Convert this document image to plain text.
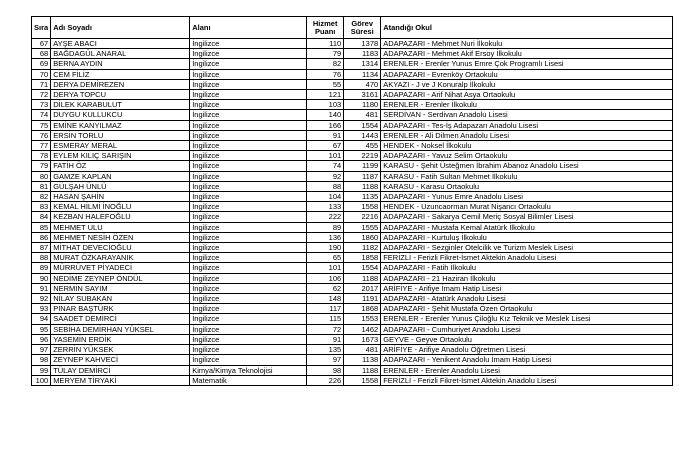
Sıra	Adı Soyadı	Alanı	Hizmet Puanı	Görev Süresi	Atandığı Okul
67	AYŞE ABACI	İngilizce	110	1378	ADAPAZARI - Mehmet Nuri İlkokulu
68	BAĞDAGÜL ANARAL	İngilizce	79	1183	ADAPAZARI - Mehmet Akif Ersoy İlkokulu
69	BERNA AYDIN	İngilizce	82	1314	ERENLER - Erenler Yunus Emre Çok Programlı Lisesi
70	CEM FİLİZ	İngilizce	76	1134	ADAPAZARI - Evrenköy Ortaokulu
71	DERYA DEMİREZEN	İngilizce	55	470	AKYAZI - J ve J Konuralp İlkokulu
72	DERYA TOPCU	İngilizce	121	3161	ADAPAZARI - Arif Nihat Asya Ortaokulu
73	DİLEK KARABULUT	İngilizce	103	1180	ERENLER - Erenler İlkokulu
74	DUYGU KULLUKCU	İngilizce	140	481	SERDİVAN - Serdivan Anadolu Lisesi
75	EMİNE KANYILMAZ	İngilizce	166	1554	ADAPAZARI - Tes-İş Adapazarı Anadolu Lisesi
76	ERSİN TORLU	İngilizce	91	1443	ERENLER - Ali Dilmen Anadolu Lisesi
77	ESMERAY MERAL	İngilizce	67	455	HENDEK - Noksel İlkokulu
78	EYLEM KILIÇ SARIŞIN	İngilizce	101	2219	ADAPAZARI - Yavuz Selim Ortaokulu
79	FATİH ÖZ	İngilizce	74	1199	KARASU - Şehit Üsteğmen İbrahim Abanoz Anadolu Lisesi
80	GAMZE KAPLAN	İngilizce	92	1187	KARASU - Fatih Sultan Mehmet İlkokulu
81	GÜLŞAH ÜNLÜ	İngilizce	88	1188	KARASU - Karasu Ortaokulu
82	HASAN ŞAHİN	İngilizce	104	1135	ADAPAZARI - Yunus Emre Anadolu Lisesi
83	KEMAL HİLMİ İNOĞLU	İngilizce	133	1558	HENDEK - Uzuncaorman Murat Nişancı Ortaokulu
84	KEZBAN HALEFOĞLU	İngilizce	222	2216	ADAPAZARI - Sakarya Cemil Meriç Sosyal Bilimler Lisesi
85	MEHMET ULU	İngilizce	89	1555	ADAPAZARI - Mustafa Kemal Atatürk İlkokulu
86	MEHMET NESİH ÖZEN	İngilizce	136	1860	ADAPAZARI - Kurtuluş İlkokulu
87	MİTHAT DEVECİOĞLU	İngilizce	190	1182	ADAPAZARI - Sezginler Otelcilik ve Turizm Meslek Lisesi
88	MURAT ÖZKARAYANIK	İngilizce	65	1858	FERİZLİ - Ferizli Fikret-İsmet Aktekin Anadolu Lisesi
89	MÜRRÜVET PİYADECİ	İngilizce	101	1554	ADAPAZARI - Fatih İlkokulu
90	NEDİME ZEYNEP ÖNDÜL	İngilizce	106	1188	ADAPAZARI - 21 Haziran İlkokulu
91	NERMİN SAYIM	İngilizce	62	2017	ARİFİYE - Arifiye İmam Hatip Lisesi
92	NİLAY SUBAKAN	İngilizce	148	1191	ADAPAZARI - Atatürk Anadolu Lisesi
93	PINAR BAŞTÜRK	İngilizce	117	1868	ADAPAZARI - Şehit Mustafa Özen Ortaokulu
94	SAADET DEMİRCİ	İngilizce	115	1553	ERENLER - Erenler Yunus Çiloğlu Kız Teknik ve Meslek Lisesi
95	SEBİHA DEMİRHAN YÜKSEL	İngilizce	72	1462	ADAPAZARI - Cumhuriyet Anadolu Lisesi
96	YASEMİN ERDİK	İngilizce	91	1673	GEYVE - Geyve Ortaokulu
97	ZERRİN YÜKSEK	İngilizce	135	481	ARİFİYE - Arifiye Anadolu Öğretmen Lisesi
98	ZEYNEP KAHVECİ	İngilizce	97	1138	ADAPAZARI - Yenikent Anadolu İmam Hatip Lisesi
99	TÜLAY DEMİRCİ	Kimya/Kimya Teknolojisi	98	1188	ERENLER - Erenler Anadolu Lisesi
100	MERYEM TİRYAKİ	Matematik	226	1558	FERİZLİ - Ferizli Fikret-İsmet Aktekin Anadolu Lisesi
